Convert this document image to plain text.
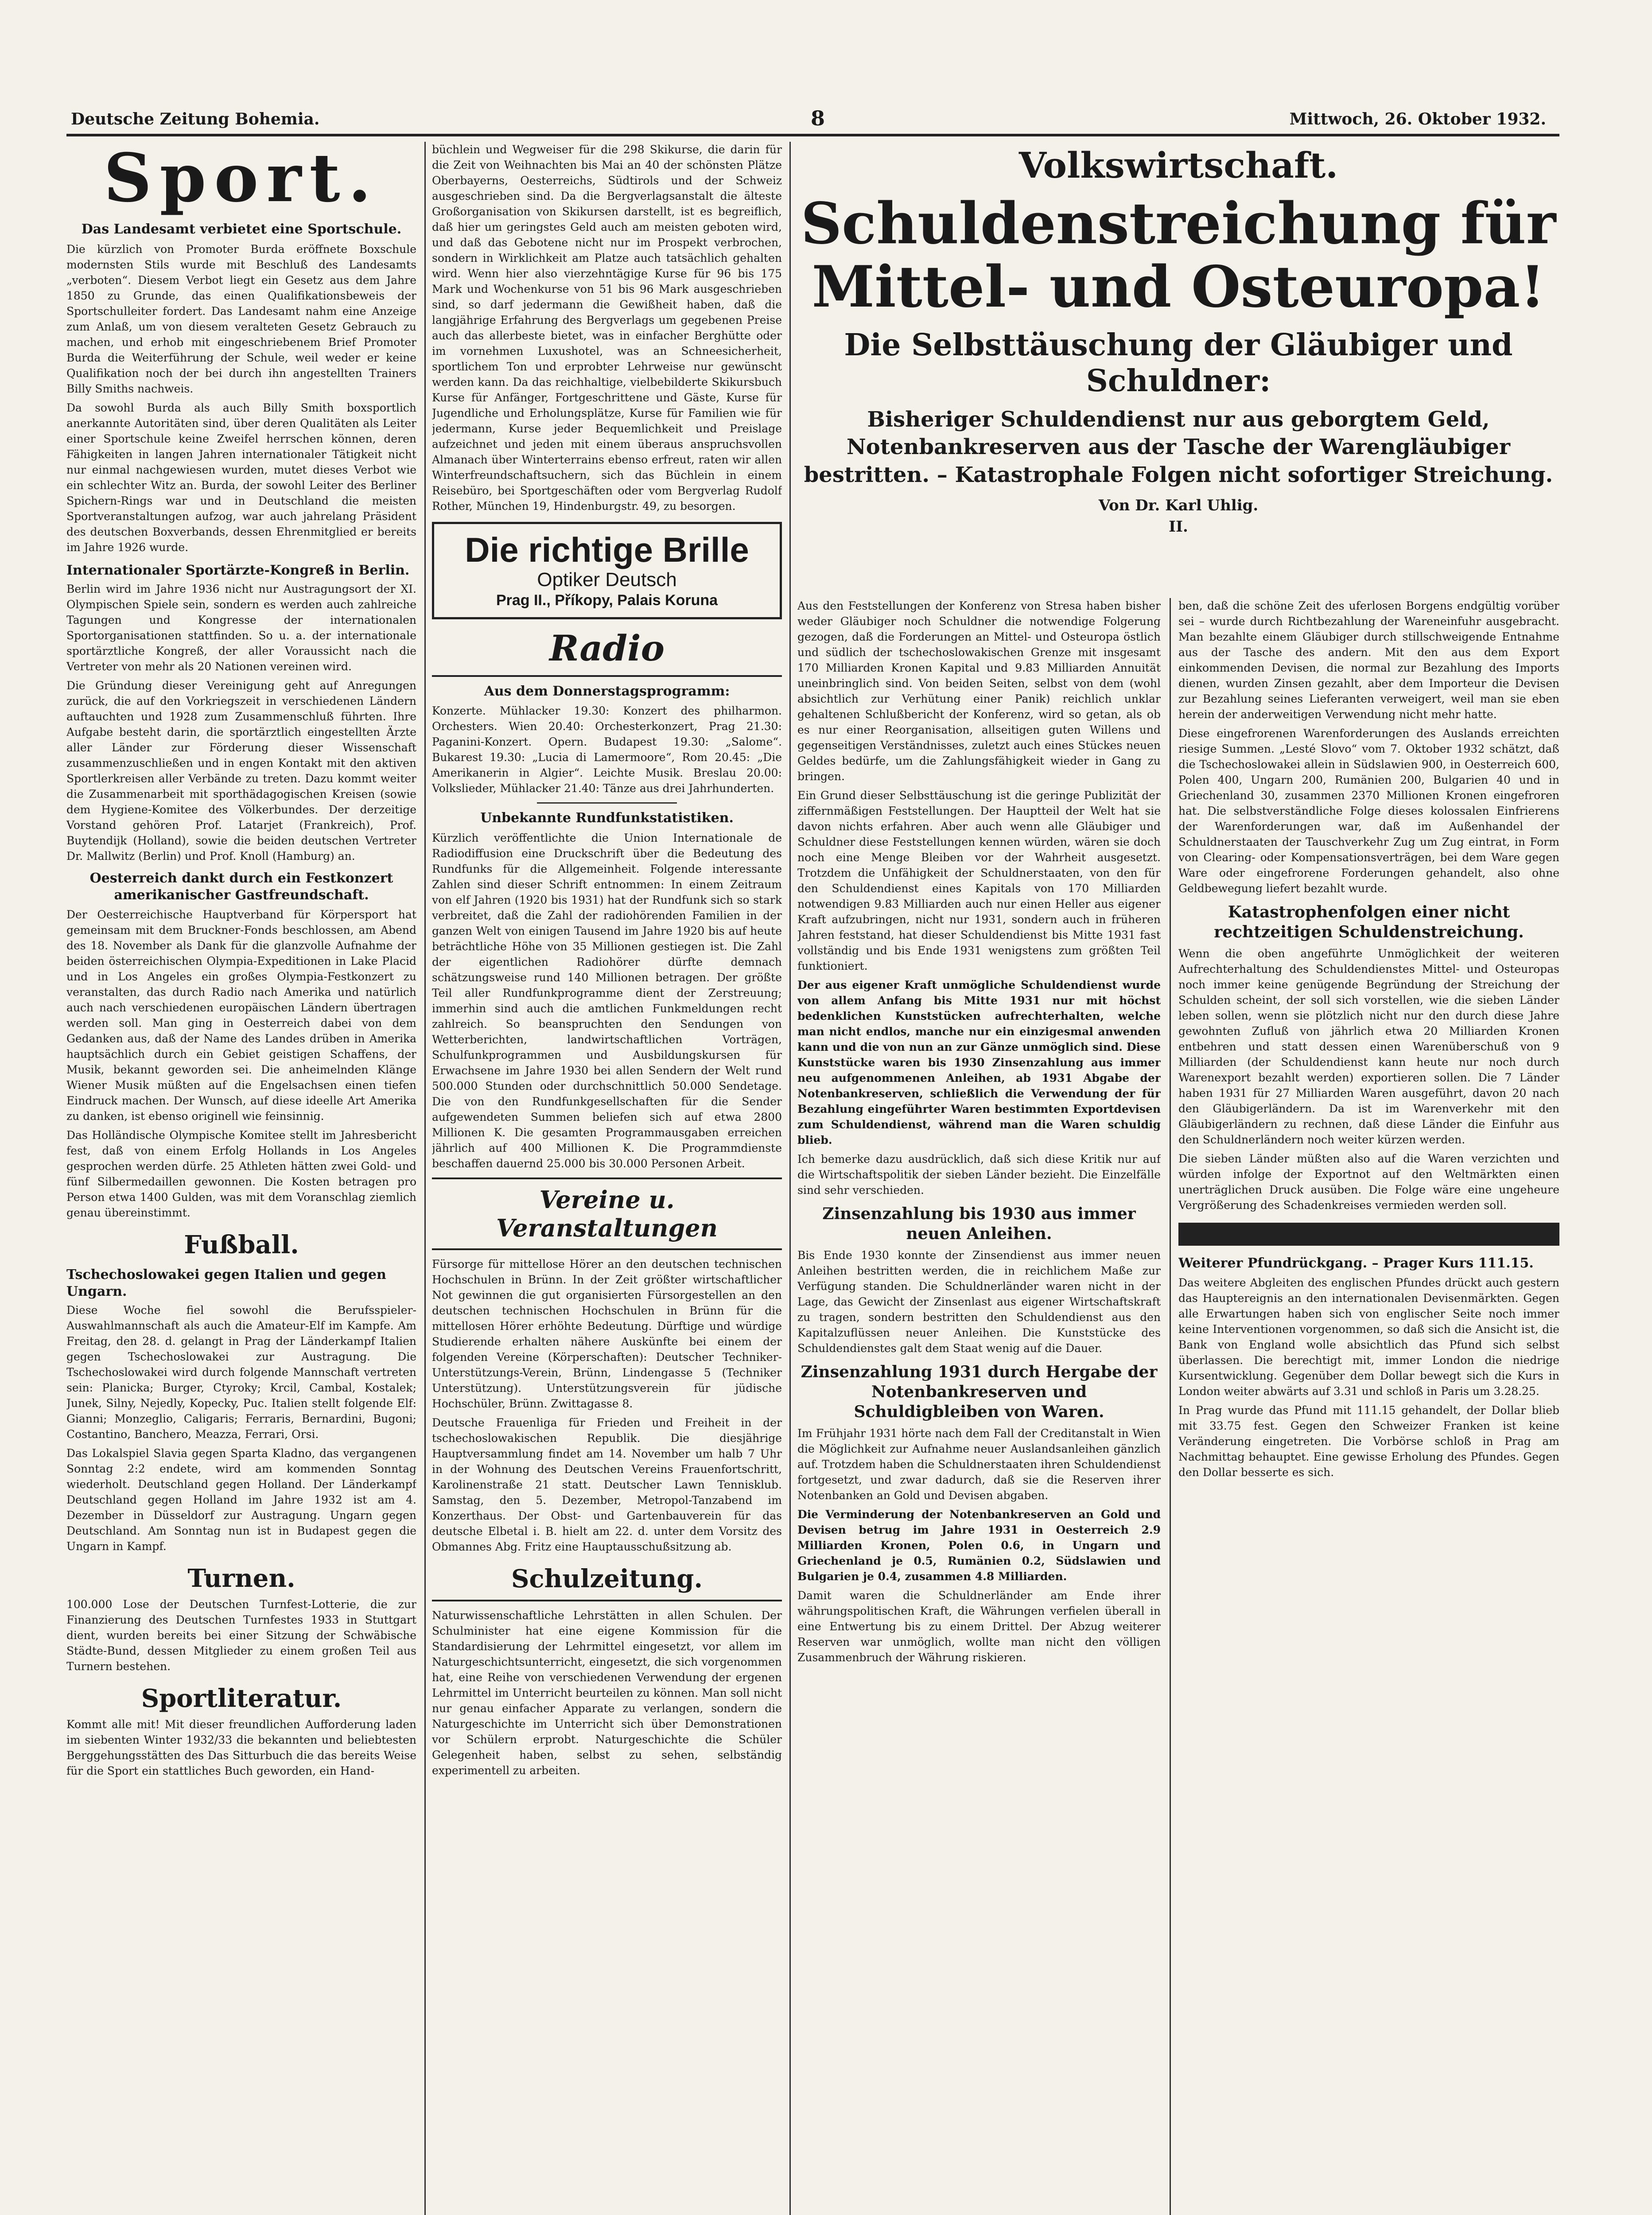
Deutsche Zeitung Bohemia.	8	Mittwoch, 26. Oktober 1932.
Sport.
Das Landesamt verbietet eine Sportschule.

Die kürzlich von Promoter Burda eröffnete Boxschule modernsten Stils wurde mit Beschluß des Landesamts „verboten“. Diesem Verbot liegt ein Gesetz aus dem Jahre 1850 zu Grunde, das einen Qualifikationsbeweis der Sportschulleiter fordert. Das Landesamt nahm eine Anzeige zum Anlaß, um von diesem veralteten Gesetz Gebrauch zu machen, und erhob mit eingeschriebenem Brief Promoter Burda die Weiterführung der Schule, weil weder er keine Qualifikation noch der bei durch ihn angestellten Trainers Billy Smiths nachweis.

Da sowohl Burda als auch Billy Smith boxsportlich anerkannte Autoritäten sind, über deren Qualitäten als Leiter einer Sportschule keine Zweifel herrschen können, deren Fähigkeiten in langen Jahren internationaler Tätigkeit nicht nur einmal nachgewiesen wurden, mutet dieses Verbot wie ein schlechter Witz an. Burda, der sowohl Leiter des Berliner Spichern-Rings war und in Deutschland die meisten Sportveranstaltungen aufzog, war auch jahrelang Präsident des deutschen Boxverbands, dessen Ehrenmitglied er bereits im Jahre 1926 wurde.

Internationaler Sportärzte-Kongreß in Berlin.

Berlin wird im Jahre 1936 nicht nur Austragungsort der XI. Olympischen Spiele sein, sondern es werden auch zahlreiche Tagungen und Kongresse der internationalen Sportorganisationen stattfinden. So u. a. der internationale sportärztliche Kongreß, der aller Voraussicht nach die Vertreter von mehr als 20 Nationen vereinen wird.

Die Gründung dieser Vereinigung geht auf Anregungen zurück, die auf den Vorkriegszeit in verschiedenen Ländern auftauchten und 1928 zum Zusammenschluß führten. Ihre Aufgabe besteht darin, die sportärztlich eingestellten Ärzte aller Länder zur Förderung dieser Wissenschaft zusammenzuschließen und in engen Kontakt mit den aktiven Sportlerkreisen aller Verbände zu treten. Dazu kommt weiter die Zusammenarbeit mit sporthädagogischen Kreisen (sowie dem Hygiene-Komitee des Völkerbundes. Der derzeitige Vorstand gehören Prof. Latarjet (Frankreich), Prof. Buytendijk (Holland), sowie die beiden deutschen Vertreter Dr. Mallwitz (Berlin) und Prof. Knoll (Hamburg) an.

Oesterreich dankt durch ein Festkonzert amerikanischer Gastfreundschaft.

Der Oesterreichische Hauptverband für Körpersport hat gemeinsam mit dem Bruckner-Fonds beschlossen, am Abend des 18. November als Dank für die glanzvolle Aufnahme der beiden österreichischen Olympia-Expeditionen in Lake Placid und in Los Angeles ein großes Olympia-Festkonzert zu veranstalten, das durch Radio nach Amerika und natürlich auch nach verschiedenen europäischen Ländern übertragen werden soll. Man ging in Oesterreich dabei von dem Gedanken aus, daß der Name des Landes drüben in Amerika hauptsächlich durch ein Gebiet geistigen Schaffens, der Musik, bekannt geworden sei. Die anheimelnden Klänge Wiener Musik müßten auf die Engelsachsen einen tiefen Eindruck machen. Der Wunsch, auf diese ideelle Art Amerika zu danken, ist ebenso originell wie feinsinnig.

Das Holländische Olympische Komitee stellt im Jahresbericht fest, daß von einem Erfolg Hollands in Los Angeles gesprochen werden dürfe. 25 Athleten hätten zwei Gold- und fünf Silbermedaillen gewonnen. Die Kosten betragen pro Person etwa 1400 Gulden, was mit dem Voranschlag ziemlich genau übereinstimmt.

Fußball.
Tschechoslowakei gegen Italien und gegen Ungarn.

Diese Woche fiel sowohl die Berufsspieler-Auswahlmannschaft als auch die Amateur-Elf im Kampfe. Am Freitag, den 28. d. gelangt in Prag der Länderkampf Italien gegen Tschechoslowakei zur Austragung. Die Tschechoslowakei wird durch folgende Mannschaft vertreten sein: Planicka; Burger, Ctyroky; Krcil, Cambal, Kostalek; Junek, Silny, Nejedly, Kopecky, Puc. Italien stellt folgende Elf: Gianni; Monzeglio, Caligaris; Ferraris, Bernardini, Bugoni; Costantino, Banchero, Meazza, Ferrari, Orsi.

Das Lokalspiel Slavia gegen Sparta Kladno, das vergangenen Sonntag 2:2 endete, wird am kommenden Sonntag wiederholt. Deutschland gegen Holland. Der Länderkampf Deutschland gegen Holland im Jahre 1932 ist am 4. Dezember in Düsseldorf zur Austragung. Ungarn gegen Deutschland. Am Sonntag nun ist in Budapest gegen die Ungarn in Kampf.

Turnen.

100.000 Lose der Deutschen Turnfest-Lotterie, die zur Finanzierung des Deutschen Turnfestes 1933 in Stuttgart dient, wurden bereits bei einer Sitzung der Schwäbische Städte-Bund, dessen Mitglieder zu einem großen Teil aus Turnern bestehen.

Sportliteratur.

Kommt alle mit! Mit dieser freundlichen Aufforderung laden im siebenten Winter 1932/33 die bekannten und beliebtesten Berggehungsstätten des Das Sitturbuch die das bereits Weise für die Sport ein stattliches Buch geworden, ein Hand-

büchlein und Wegweiser für die 298 Skikurse, die darin für die Zeit von Weihnachten bis Mai an 40 der schönsten Plätze Oberbayerns, Oesterreichs, Südtirols und der Schweiz ausgeschrieben sind. Da die Bergverlagsanstalt die älteste Großorganisation von Skikursen darstellt, ist es begreiflich, daß hier um geringstes Geld auch am meisten geboten wird, und daß das Gebotene nicht nur im Prospekt verbrochen, sondern in Wirklichkeit am Platze auch tatsächlich gehalten wird. Wenn hier also vierzehntägige Kurse für 96 bis 175 Mark und Wochenkurse von 51 bis 96 Mark ausgeschrieben sind, so darf jedermann die Gewißheit haben, daß die langjährige Erfahrung des Bergverlags um gegebenen Preise auch das allerbeste bietet, was in einfacher Berghütte oder im vornehmen Luxushotel, was an Schneesicherheit, sportlichem Ton und erprobter Lehrweise nur gewünscht werden kann. Da das reichhaltige, vielbebilderte Skikursbuch Kurse für Anfänger, Fortgeschrittene und Gäste, Kurse für Jugendliche und Erholungsplätze, Kurse für Familien wie für jedermann, Kurse jeder Bequemlichkeit und Preislage aufzeichnet und jeden mit einem überaus anspruchsvollen Almanach über Winterterrains ebenso erfreut, raten wir allen Winterfreundschaftsuchern, sich das Büchlein in einem Reisebüro, bei Sportgeschäften oder vom Bergverlag Rudolf Rother, München 19, Hindenburgstr. 49, zu besorgen.

Die richtige Brille
Optiker Deutsch
Prag II., Příkopy, Palais Koruna
Radio
Aus dem Donnerstagsprogramm:

Konzerte. Mühlacker 19.30: Konzert des philharmon. Orchesters. Wien 20.40: Orchesterkonzert, Prag 21.30: Paganini-Konzert. Opern. Budapest 19.30: „Salome“. Bukarest 19.30: „Lucia di Lamermoore“, Rom 20.45: „Die Amerikanerin in Algier“. Leichte Musik. Breslau 20.00: Volkslieder, Mühlacker 21.40: Tänze aus drei Jahrhunderten.

Unbekannte Rundfunkstatistiken.

Kürzlich veröffentlichte die Union Internationale de Radiodiffusion eine Druckschrift über die Bedeutung des Rundfunks für die Allgemeinheit. Folgende interessante Zahlen sind dieser Schrift entnommen: In einem Zeitraum von elf Jahren (1920 bis 1931) hat der Rundfunk sich so stark verbreitet, daß die Zahl der radiohörenden Familien in der ganzen Welt von einigen Tausend im Jahre 1920 bis auf heute beträchtliche Höhe von 35 Millionen gestiegen ist. Die Zahl der eigentlichen Radiohörer dürfte demnach schätzungsweise rund 140 Millionen betragen. Der größte Teil aller Rundfunkprogramme dient der Zerstreuung; immerhin sind auch die amtlichen Funkmeldungen recht zahlreich. So beanspruchten den Sendungen von Wetterberichten, landwirtschaftlichen Vorträgen, Schulfunkprogrammen und Ausbildungskursen für Erwachsene im Jahre 1930 bei allen Sendern der Welt rund 500.000 Stunden oder durchschnittlich 50.000 Sendetage. Die von den Rundfunkgesellschaften für die Sender aufgewendeten Summen beliefen sich auf etwa 2800 Millionen K. Die gesamten Programmausgaben erreichen jährlich auf 400 Millionen K. Die Programmdienste beschaffen dauernd 25.000 bis 30.000 Personen Arbeit.

Vereine u. Veranstaltungen

Fürsorge für mittellose Hörer an den deutschen technischen Hochschulen in Brünn. In der Zeit größter wirtschaftlicher Not gewinnen die gut organisierten Fürsorgestellen an den deutschen technischen Hochschulen in Brünn für die mittellosen Hörer erhöhte Bedeutung. Dürftige und würdige Studierende erhalten nähere Auskünfte bei einem der folgenden Vereine (Körperschaften): Deutscher Techniker-Unterstützungs-Verein, Brünn, Lindengasse 5 (Techniker Unterstützung). Unterstützungsverein für jüdische Hochschüler, Brünn. Zwittagasse 8.

Deutsche Frauenliga für Frieden und Freiheit in der tschechoslowakischen Republik. Die diesjährige Hauptversammlung findet am 14. November um halb 7 Uhr in der Wohnung des Deutschen Vereins Frauenfortschritt, Karolinenstraße 21 statt. Deutscher Lawn Tennisklub. Samstag, den 5. Dezember, Metropol-Tanzabend im Konzerthaus. Der Obst- und Gartenbauverein für das deutsche Elbetal i. B. hielt am 22. d. unter dem Vorsitz des Obmannes Abg. Fritz eine Hauptausschußsitzung ab.

Schulzeitung.

Naturwissenschaftliche Lehrstätten in allen Schulen. Der Schulminister hat eine eigene Kommission für die Standardisierung der Lehrmittel eingesetzt, vor allem im Naturgeschichtsunterricht, eingesetzt, die sich vorgenommen hat, eine Reihe von verschiedenen Verwendung der ergenen Lehrmittel im Unterricht beurteilen zu können. Man soll nicht nur genau einfacher Apparate zu verlangen, sondern die Naturgeschichte im Unterricht sich über Demonstrationen vor Schülern erprobt. Naturgeschichte die Schüler Gelegenheit haben, selbst zu sehen, selbständig experimentell zu arbeiten.

Volkswirtschaft.
Schuldenstreichung für Mittel- und Osteuropa!
Die Selbsttäuschung der Gläubiger und Schuldner:
Bisheriger Schuldendienst nur aus geborgtem Geld, Notenbankreserven aus der Tasche der Warengläubiger bestritten. – Katastrophale Folgen nicht sofortiger Streichung.
Von Dr. Karl Uhlig.
II.

Aus den Feststellungen der Konferenz von Stresa haben bisher weder Gläubiger noch Schuldner die notwendige Folgerung gezogen, daß die Forderungen an Mittel- und Osteuropa östlich und südlich der tschechoslowakischen Grenze mit insgesamt 170 Milliarden Kronen Kapital und 9.83 Milliarden Annuität uneinbringlich sind. Von beiden Seiten, selbst von dem (wohl absichtlich zur Verhütung einer Panik) reichlich unklar gehaltenen Schlußbericht der Konferenz, wird so getan, als ob es nur einer Reorganisation, allseitigen guten Willens und gegenseitigen Verständnisses, zuletzt auch eines Stückes neuen Geldes bedürfe, um die Zahlungsfähigkeit wieder in Gang zu bringen.

Ein Grund dieser Selbsttäuschung ist die geringe Publizität der ziffernmäßigen Feststellungen. Der Hauptteil der Welt hat sie davon nichts erfahren. Aber auch wenn alle Gläubiger und Schuldner diese Feststellungen kennen würden, wären sie doch noch eine Menge Bleiben vor der Wahrheit ausgesetzt. Trotzdem die Unfähigkeit der Schuldnerstaaten, von den für den Schuldendienst eines Kapitals von 170 Milliarden notwendigen 9.83 Milliarden auch nur einen Heller aus eigener Kraft aufzubringen, nicht nur 1931, sondern auch in früheren Jahren feststand, hat dieser Schuldendienst bis Mitte 1931 fast vollständig und bis Ende 1931 wenigstens zum größten Teil funktioniert.

Der aus eigener Kraft unmögliche Schuldendienst wurde von allem Anfang bis Mitte 1931 nur mit höchst bedenklichen Kunststücken aufrechterhalten, welche man nicht endlos, manche nur ein einzigesmal anwenden kann und die von nun an zur Gänze unmöglich sind. Diese Kunststücke waren bis 1930 Zinsenzahlung aus immer neu aufgenommenen Anleihen, ab 1931 Abgabe der Notenbankreserven, schließlich die Verwendung der für Bezahlung eingeführter Waren bestimmten Exportdevisen zum Schuldendienst, während man die Waren schuldig blieb.

Ich bemerke dazu ausdrücklich, daß sich diese Kritik nur auf die Wirtschaftspolitik der sieben Länder bezieht. Die Einzelfälle sind sehr verschieden.

Zinsenzahlung bis 1930 aus immer neuen Anleihen.

Bis Ende 1930 konnte der Zinsendienst aus immer neuen Anleihen bestritten werden, die in reichlichem Maße zur Verfügung standen. Die Schuldnerländer waren nicht in der Lage, das Gewicht der Zinsenlast aus eigener Wirtschaftskraft zu tragen, sondern bestritten den Schuldendienst aus den Kapitalzuflüssen neuer Anleihen. Die Kunststücke des Schuldendienstes galt dem Staat wenig auf die Dauer.

Zinsenzahlung 1931 durch Hergabe der Notenbankreserven und Schuldigbleiben von Waren.

Im Frühjahr 1931 hörte nach dem Fall der Creditanstalt in Wien die Möglichkeit zur Aufnahme neuer Auslandsanleihen gänzlich auf. Trotzdem haben die Schuldnerstaaten ihren Schuldendienst fortgesetzt, und zwar dadurch, daß sie die Reserven ihrer Notenbanken an Gold und Devisen abgaben.

Die Verminderung der Notenbankreserven an Gold und Devisen betrug im Jahre 1931 in Oesterreich 2.9 Milliarden Kronen, Polen 0.6, in Ungarn und Griechenland je 0.5, Rumänien 0.2, Südslawien und Bulgarien je 0.4, zusammen 4.8 Milliarden.

Damit waren die Schuldnerländer am Ende ihrer währungspolitischen Kraft, die Währungen verfielen überall in eine Entwertung bis zu einem Drittel. Der Abzug weiterer Reserven war unmöglich, wollte man nicht den völligen Zusammenbruch der Währung riskieren.

ben, daß die schöne Zeit des uferlosen Borgens endgültig vorüber sei – wurde durch Richtbezahlung der Wareneinfuhr ausgebracht. Man bezahlte einem Gläubiger durch stillschweigende Entnahme aus der Tasche des andern. Mit den aus dem Export einkommenden Devisen, die normal zur Bezahlung des Imports dienen, wurden Zinsen gezahlt, aber dem Importeur die Devisen zur Bezahlung seines Lieferanten verweigert, weil man sie eben herein der anderweitigen Verwendung nicht mehr hatte.

Diese eingefrorenen Warenforderungen des Auslands erreichten riesige Summen. „Lesté Slovo“ vom 7. Oktober 1932 schätzt, daß die Tschechoslowakei allein in Südslawien 900, in Oesterreich 600, Polen 400, Ungarn 200, Rumänien 200, Bulgarien 40 und in Griechenland 30, zusammen 2370 Millionen Kronen eingefroren hat. Die selbstverständliche Folge dieses kolossalen Einfrierens der Warenforderungen war, daß im Außenhandel der Schuldnerstaaten der Tauschverkehr Zug um Zug eintrat, in Form von Clearing- oder Kompensationsverträgen, bei dem Ware gegen Ware oder eingefrorene Forderungen gehandelt, also ohne Geldbewegung liefert bezahlt wurde.

Katastrophenfolgen einer nicht rechtzeitigen Schuldenstreichung.

Wenn die oben angeführte Unmöglichkeit der weiteren Aufrechterhaltung des Schuldendienstes Mittel- und Osteuropas noch immer keine genügende Begründung der Streichung der Schulden scheint, der soll sich vorstellen, wie die sieben Länder leben sollen, wenn sie plötzlich nicht nur den durch diese Jahre gewohnten Zufluß von jährlich etwa 20 Milliarden Kronen entbehren und statt dessen einen Warenüberschuß von 9 Milliarden (der Schuldendienst kann heute nur noch durch Warenexport bezahlt werden) exportieren sollen. Die 7 Länder haben 1931 für 27 Milliarden Waren ausgeführt, davon 20 nach den Gläubigerländern. Da ist im Warenverkehr mit den Gläubigerländern zu rechnen, daß diese Länder die Einfuhr aus den Schuldnerländern noch weiter kürzen werden.

Die sieben Länder müßten also auf die Waren verzichten und würden infolge der Exportnot auf den Weltmärkten einen unerträglichen Druck ausüben. Die Folge wäre eine ungeheure Vergrößerung des Schadenkreises vermieden werden soll.

Weiterer Pfundrückgang. – Prager Kurs 111.15.

Das weitere Abgleiten des englischen Pfundes drückt auch gestern das Hauptereignis an den internationalen Devisenmärkten. Gegen alle Erwartungen haben sich von englischer Seite noch immer keine Interventionen vorgenommen, so daß sich die Ansicht ist, die Bank von England wolle absichtlich das Pfund sich selbst überlassen. Die berechtigt mit, immer London die niedrige Kursentwicklung. Gegenüber dem Dollar bewegt sich die Kurs in London weiter abwärts auf 3.31 und schloß in Paris um 3.28.25.

In Prag wurde das Pfund mit 111.15 gehandelt, der Dollar blieb mit 33.75 fest. Gegen den Schweizer Franken ist keine Veränderung eingetreten. Die Vorbörse schloß in Prag am Nachmittag behauptet. Eine gewisse Erholung des Pfundes. Gegen den Dollar besserte es sich.
